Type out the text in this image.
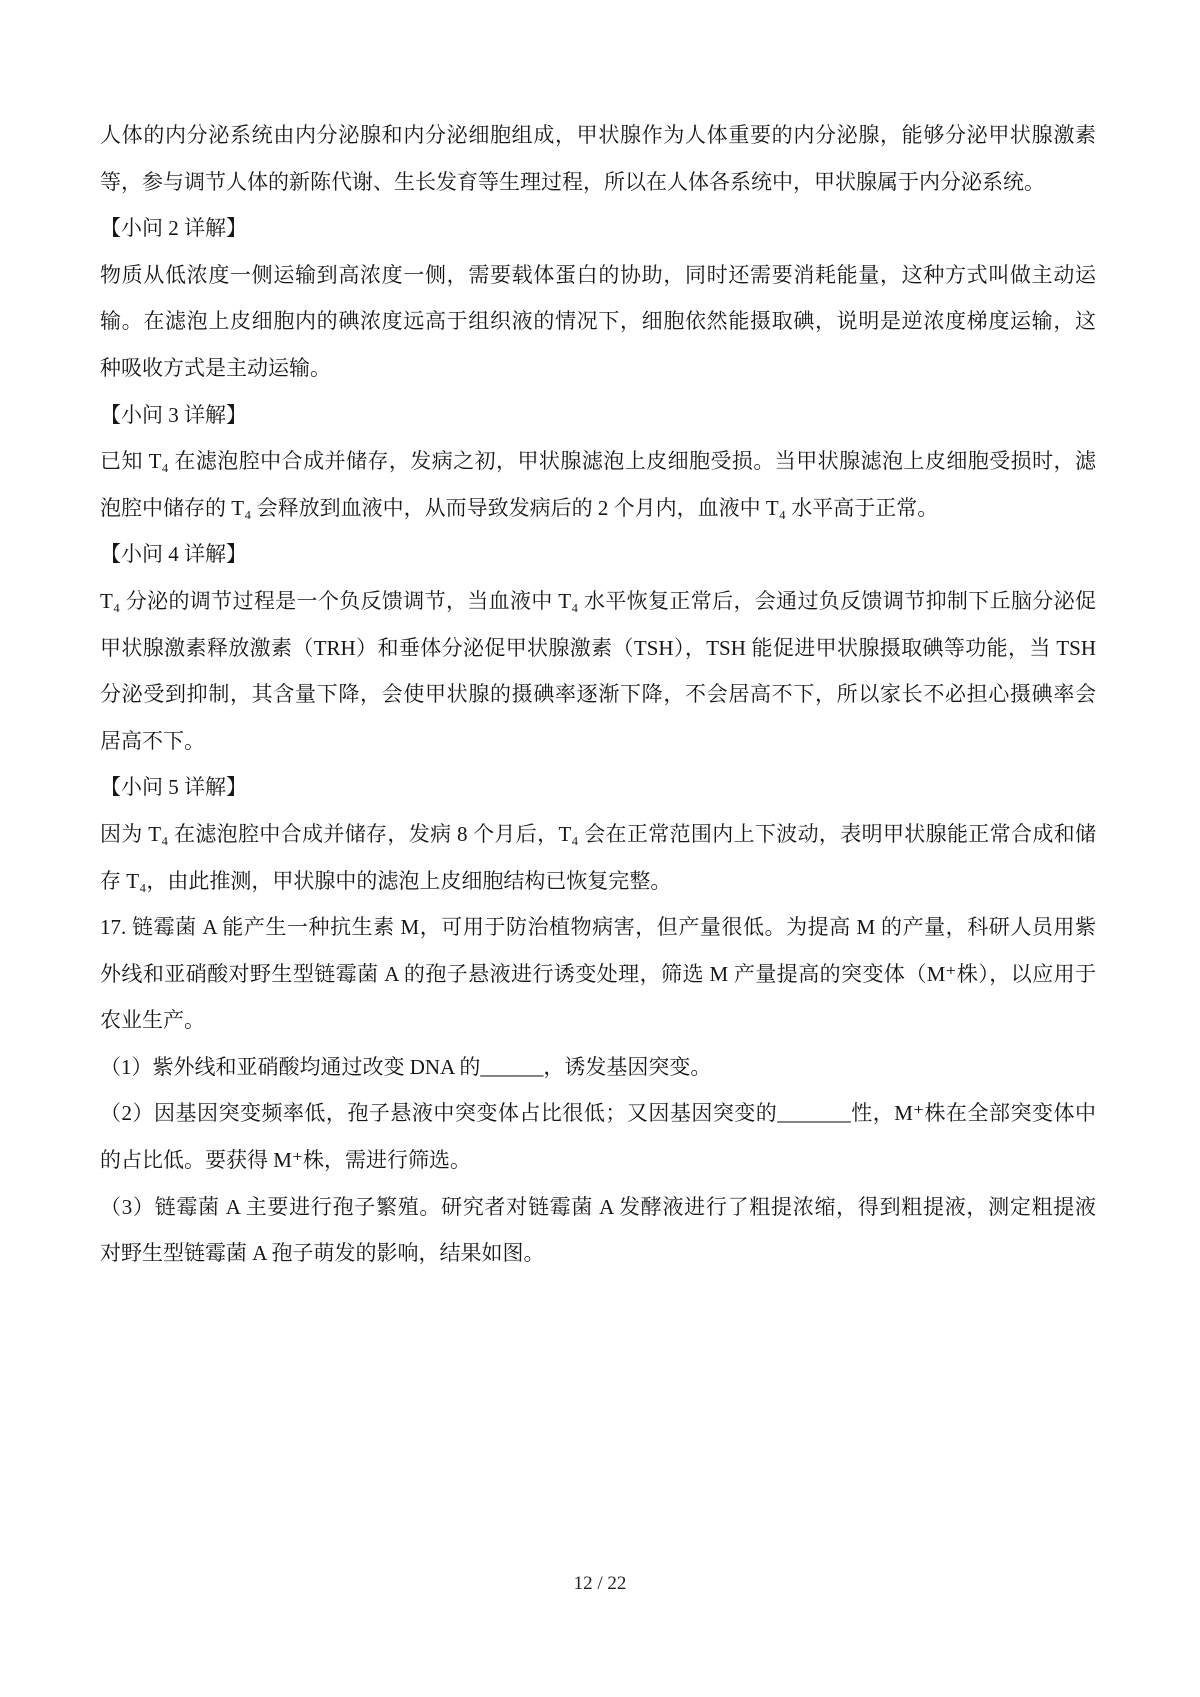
人体的内分泌系统由内分泌腺和内分泌细胞组成，甲状腺作为人体重要的内分泌腺，能够分泌甲状腺激素
等，参与调节人体的新陈代谢、生长发育等生理过程，所以在人体各系统中，甲状腺属于内分泌系统。
【小问 2 详解】
物质从低浓度一侧运输到高浓度一侧，需要载体蛋白的协助，同时还需要消耗能量，这种方式叫做主动运
输。在滤泡上皮细胞内的碘浓度远高于组织液的情况下，细胞依然能摄取碘，说明是逆浓度梯度运输，这
种吸收方式是主动运输。
【小问 3 详解】
已知 T₄ 在滤泡腔中合成并储存，发病之初，甲状腺滤泡上皮细胞受损。当甲状腺滤泡上皮细胞受损时，滤
泡腔中储存的 T₄ 会释放到血液中，从而导致发病后的 2 个月内，血液中 T₄ 水平高于正常。
【小问 4 详解】
T₄ 分泌的调节过程是一个负反馈调节，当血液中 T₄ 水平恢复正常后，会通过负反馈调节抑制下丘脑分泌促
甲状腺激素释放激素（TRH）和垂体分泌促甲状腺激素（TSH），TSH 能促进甲状腺摄取碘等功能，当 TSH
分泌受到抑制，其含量下降，会使甲状腺的摄碘率逐渐下降，不会居高不下，所以家长不必担心摄碘率会
居高不下。
【小问 5 详解】
因为 T₄ 在滤泡腔中合成并储存，发病 8 个月后，T₄ 会在正常范围内上下波动，表明甲状腺能正常合成和储
存 T₄，由此推测，甲状腺中的滤泡上皮细胞结构已恢复完整。
17. 链霉菌 A 能产生一种抗生素 M，可用于防治植物病害，但产量很低。为提高 M 的产量，科研人员用紫
外线和亚硝酸对野生型链霉菌 A 的孢子悬液进行诱变处理，筛选 M 产量提高的突变体（M⁺株），以应用于
农业生产。
（1）紫外线和亚硝酸均通过改变 DNA 的______，诱发基因突变。
（2）因基因突变频率低，孢子悬液中突变体占比很低；又因基因突变的_______性，M⁺株在全部突变体中
的占比低。要获得 M⁺株，需进行筛选。
（3）链霉菌 A 主要进行孢子繁殖。研究者对链霉菌 A 发酵液进行了粗提浓缩，得到粗提液，测定粗提液
对野生型链霉菌 A 孢子萌发的影响，结果如图。
12 / 22
